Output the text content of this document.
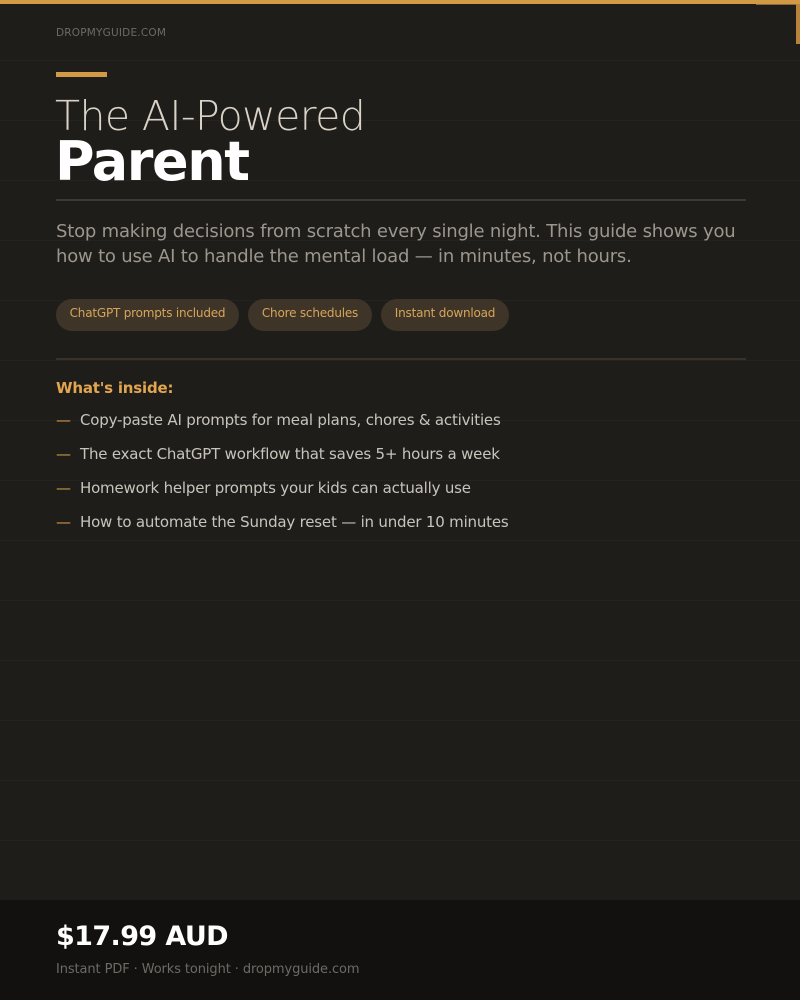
DROPMYGUIDE.COM
The AI-Powered
Parent

Stop making decisions from scratch every single night. This guide shows you how to use AI to handle the mental load — in minutes, not hours.

ChatGPT prompts included	Chore schedules	Instant download
What's inside:
— Copy-paste AI prompts for meal plans, chores & activities
— The exact ChatGPT workflow that saves 5+ hours a week
— Homework helper prompts your kids can actually use
— How to automate the Sunday reset — in under 10 minutes
$17.99 AUD
Instant PDF · Works tonight · dropmyguide.com
